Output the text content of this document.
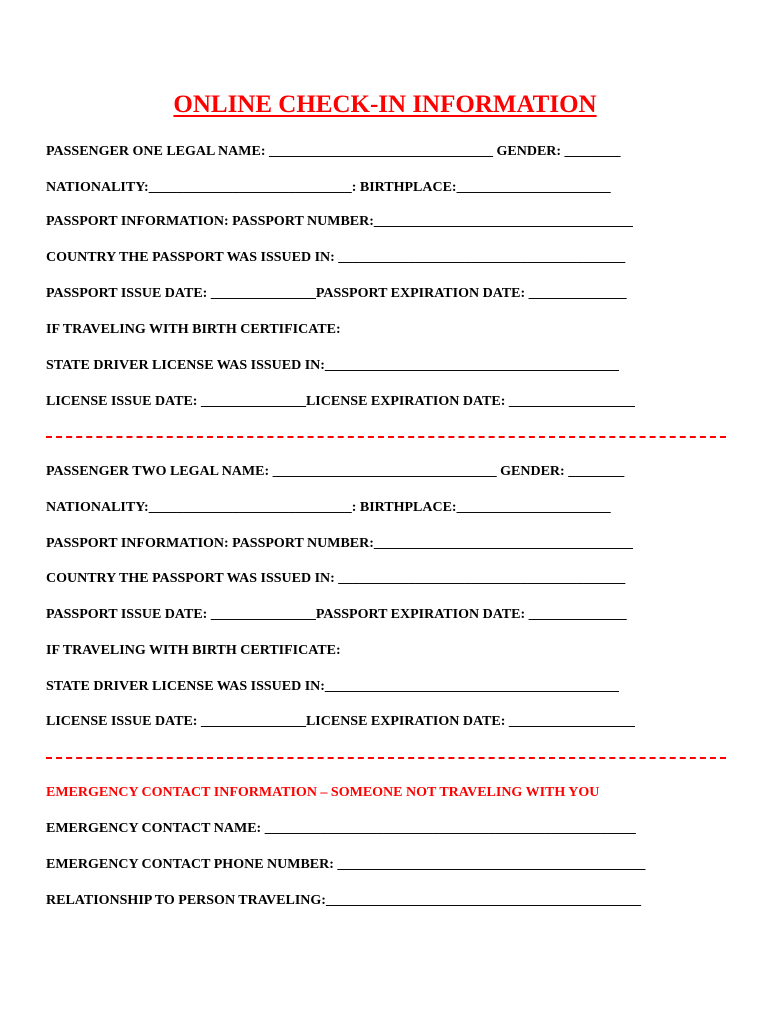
ONLINE CHECK-IN INFORMATION
PASSENGER ONE LEGAL NAME: ________________________________ GENDER: ________
NATIONALITY:_____________________________: BIRTHPLACE:______________________
PASSPORT INFORMATION: PASSPORT NUMBER:_____________________________________
COUNTRY THE PASSPORT WAS ISSUED IN: _________________________________________
PASSPORT ISSUE DATE: _______________PASSPORT EXPIRATION DATE: ______________
IF TRAVELING WITH BIRTH CERTIFICATE:
STATE DRIVER LICENSE WAS ISSUED IN:__________________________________________
LICENSE ISSUE DATE: _______________LICENSE EXPIRATION DATE: __________________
PASSENGER TWO LEGAL NAME: ________________________________ GENDER: ________
NATIONALITY:_____________________________: BIRTHPLACE:______________________
PASSPORT INFORMATION: PASSPORT NUMBER:_____________________________________
COUNTRY THE PASSPORT WAS ISSUED IN: _________________________________________
PASSPORT ISSUE DATE: _______________PASSPORT EXPIRATION DATE: ______________
IF TRAVELING WITH BIRTH CERTIFICATE:
STATE DRIVER LICENSE WAS ISSUED IN:__________________________________________
LICENSE ISSUE DATE: _______________LICENSE EXPIRATION DATE: __________________
EMERGENCY CONTACT INFORMATION – SOMEONE NOT TRAVELING WITH YOU
EMERGENCY CONTACT NAME: _____________________________________________________
EMERGENCY CONTACT PHONE NUMBER: ____________________________________________
RELATIONSHIP TO PERSON TRAVELING:_____________________________________________
